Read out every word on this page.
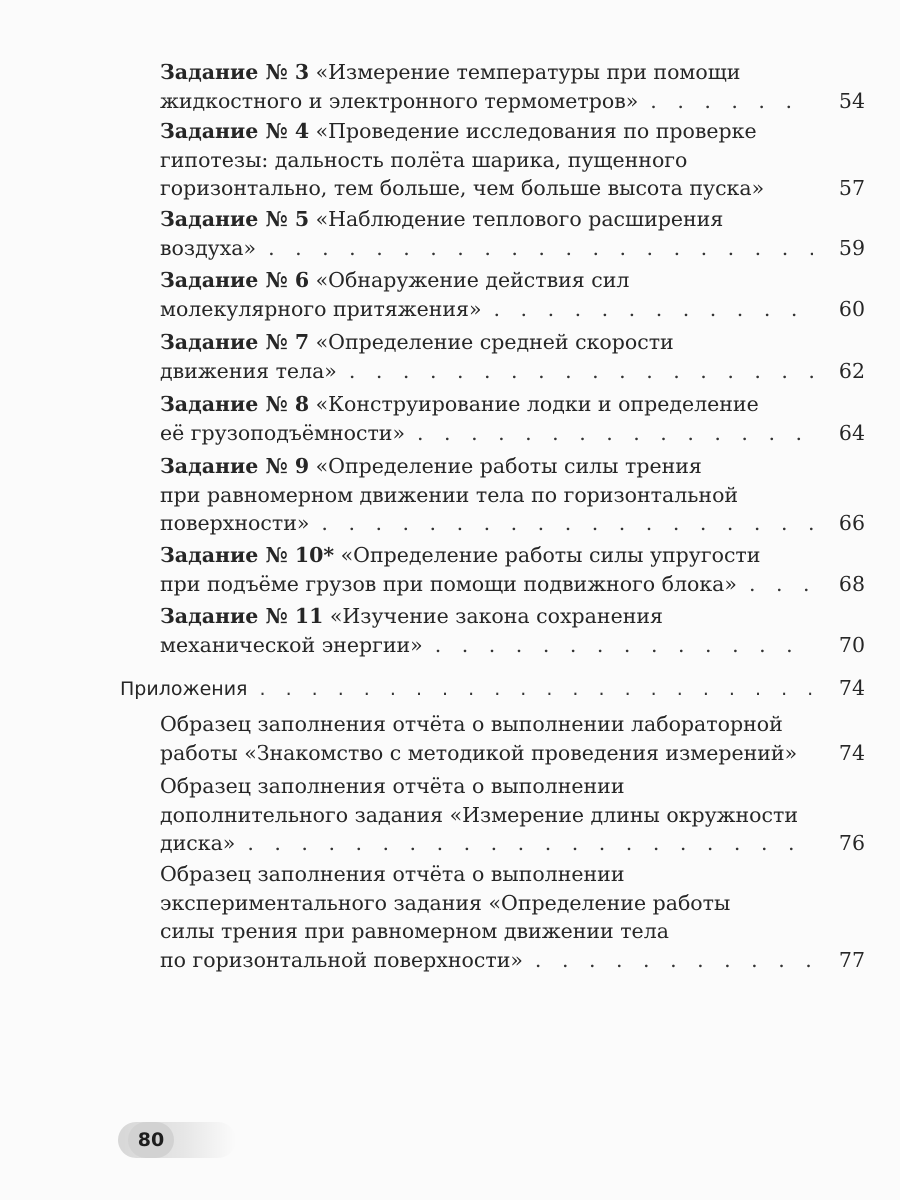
Задание № 3 «Измерение температуры при помощи
жидкостного и электронного термометров» . . .	54
Задание № 4 «Проведение исследования по проверке
гипотезы: дальность полёта шарика, пущенного
горизонтально, тем больше, чем больше высота пуска»	57
Задание № 5 «Наблюдение теплового расширения
воздуха» . . .	59
Задание № 6 «Обнаружение действия сил
молекулярного притяжения» . . .	60
Задание № 7 «Определение средней скорости
движения тела» . . .	62
Задание № 8 «Конструирование лодки и определение
её грузоподъёмности» . . .	64
Задание № 9 «Определение работы силы трения
при равномерном движении тела по горизонтальной
поверхности» . . .	66
Задание № 10* «Определение работы силы упругости
при подъёме грузов при помощи подвижного блока» . . .	68
Задание № 11 «Изучение закона сохранения
механической энергии» . . .	70
Приложения . . .	74
Образец заполнения отчёта о выполнении лабораторной
работы «Знакомство с методикой проведения измерений»	74
Образец заполнения отчёта о выполнении
дополнительного задания «Измерение длины окружности
диска» . . .	76
Образец заполнения отчёта о выполнении
экспериментального задания «Определение работы
силы трения при равномерном движении тела
по горизонтальной поверхности» . . .	77
80
